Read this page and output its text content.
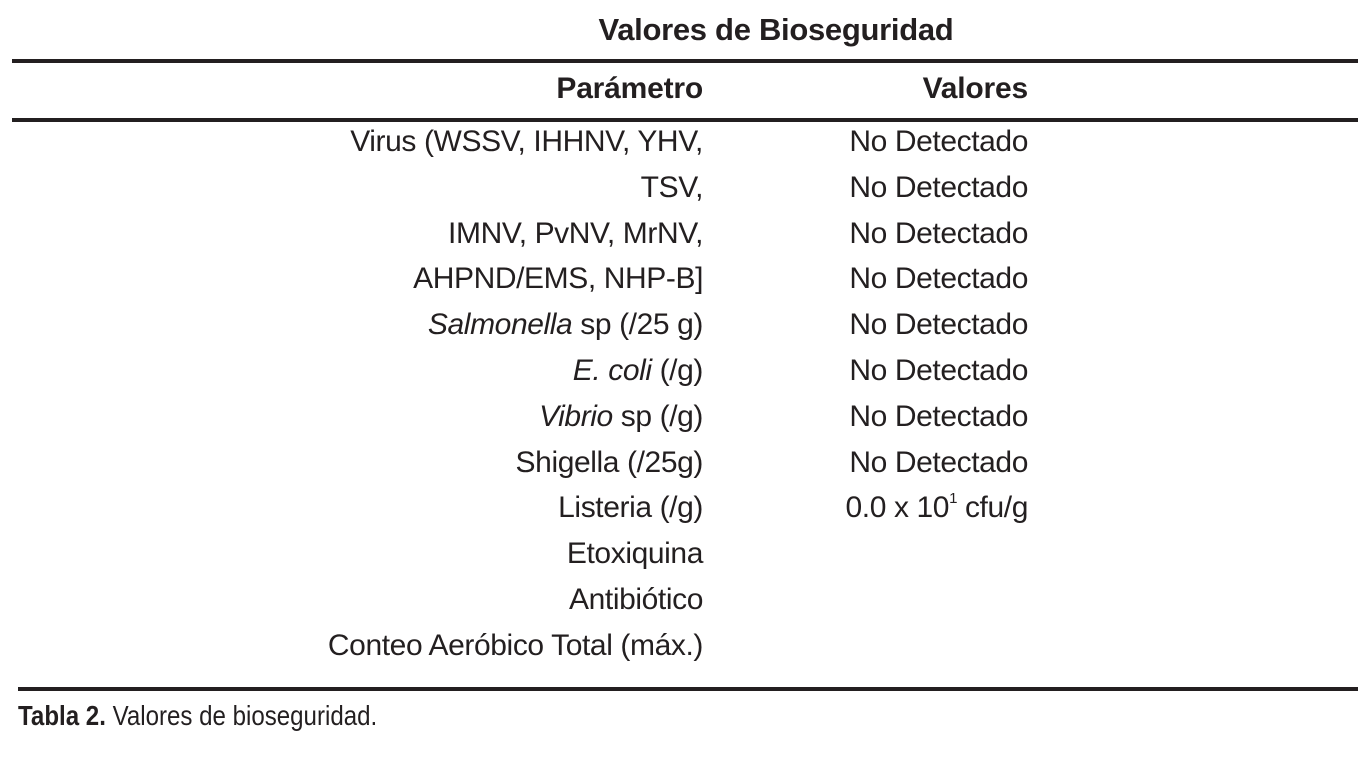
Valores de Bioseguridad
Parámetro	Valores
Virus (WSSV, IHHNV, YHV,	No Detectado
TSV,	No Detectado
IMNV, PvNV, MrNV,	No Detectado
AHPND/EMS, NHP-B]	No Detectado
Salmonella sp (/25 g)	No Detectado
E. coli (/g)	No Detectado
Vibrio sp (/g)	No Detectado
Shigella (/25g)	No Detectado
Listeria (/g)	0.0 x $10^1$ cfu/g
Etoxiquina
Antibiótico
Conteo Aeróbico Total (máx.)

Tabla 2. Valores de bioseguridad.
